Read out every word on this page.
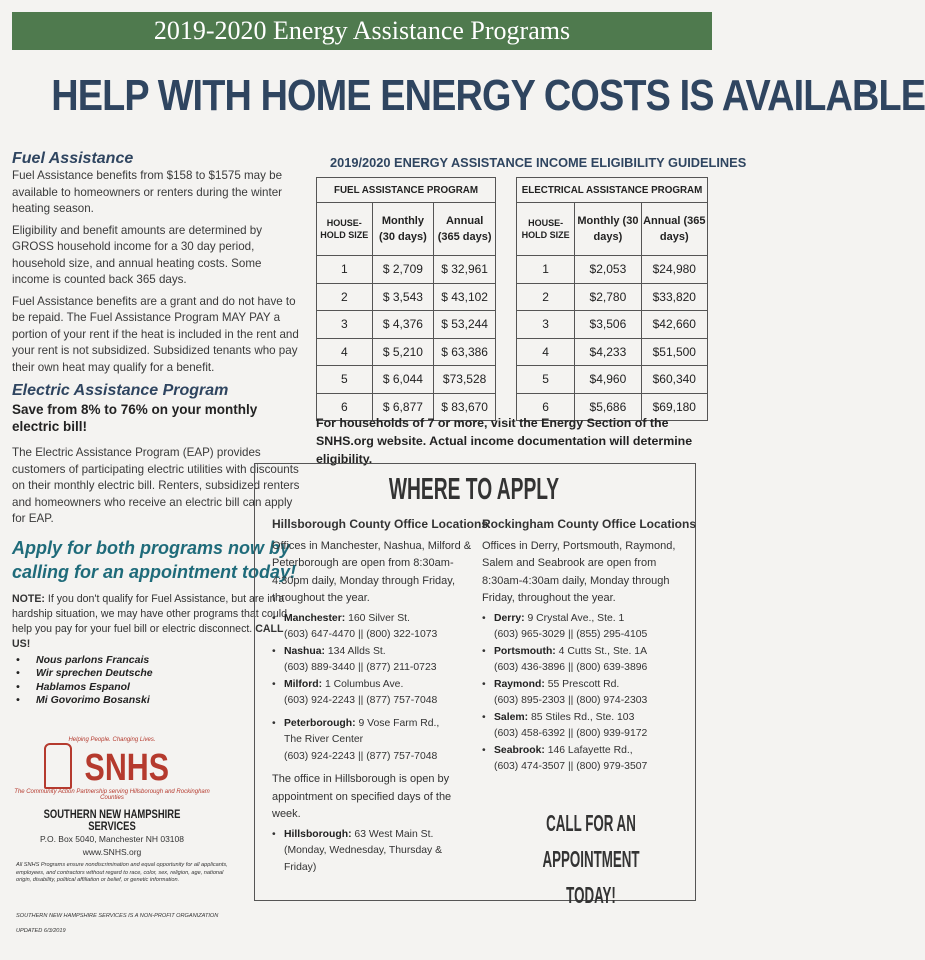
2019-2020 Energy Assistance Programs
HELP WITH HOME ENERGY COSTS IS AVAILABLE

Fuel Assistance

Fuel Assistance benefits from $158 to $1575 may be available to homeowners or renters during the winter heating season.

Eligibility and benefit amounts are determined by GROSS household income for a 30 day period, household size, and annual heating costs. Some income is counted back 365 days.

Fuel Assistance benefits are a grant and do not have to be repaid. The Fuel Assistance Program MAY PAY a portion of your rent if the heat is included in the rent and your rent is not subsidized. Subsidized tenants who pay their own heat may qualify for a benefit.

Electric Assistance Program

Save from 8% to 76% on your monthly electric bill!

The Electric Assistance Program (EAP) provides customers of participating electric utilities with discounts on their monthly electric bill. Renters, subsidized renters and homeowners who receive an electric bill can apply for EAP.

Apply for both programs now by calling for an appointment today!

NOTE: If you don't qualify for Fuel Assistance, but are in a hardship situation, we may have other programs that could help you pay for your fuel bill or electric disconnect. CALL US!

• Nous parlons Francais
• Wir sprechen Deutsche
• Hablamos Espanol
• Mi Govorimo Bosanski
Helping People. Changing Lives.
SNHS
The Community Action Partnership serving Hillsborough and Rockingham Counties
SOUTHERN NEW HAMPSHIRE SERVICES
P.O. Box 5040, Manchester NH 03108
www.SNHS.org
All SNHS Programs ensure nondiscrimination and equal opportunity for all applicants, employees, and contractors without regard to race, color, sex, religion, age, national origin, disability, political affiliation or belief, or genetic information.
SOUTHERN NEW HAMPSHIRE SERVICES IS A NON-PROFIT ORGANIZATION
UPDATED 6/3/2019
2019/2020 ENERGY ASSISTANCE INCOME ELIGIBILITY GUIDELINES
FUEL ASSISTANCE PROGRAM		
HOUSE-HOLD SIZE	Monthly (30 days)	Annual (365 days)
1	$ 2,709	$ 32,961
2	$ 3,543	$ 43,102
3	$ 4,376	$ 53,244
4	$ 5,210	$ 63,386
5	$ 6,044	$73,528
6	$ 6,877	$ 83,670
ELECTRICAL ASSISTANCE PROGRAM		
HOUSE-HOLD SIZE	Monthly (30 days)	Annual (365 days)
1	$2,053	$24,980
2	$2,780	$33,820
3	$3,506	$42,660
4	$4,233	$51,500
5	$4,960	$60,340
6	$5,686	$69,180
For households of 7 or more, visit the Energy Section of the SNHS.org website. Actual income documentation will determine eligibility.
WHERE TO APPLY
Hillsborough County Office Locations
Offices in Manchester, Nashua, Milford & Peterborough are open from 8:30am-4:30pm daily, Monday through Friday, throughout the year.
• Manchester: 160 Silver St.
(603) 647-4470 || (800) 322-1073
• Nashua: 134 Allds St.
(603) 889-3440 || (877) 211-0723
• Milford: 1 Columbus Ave.
(603) 924-2243 || (877) 757-7048
• Peterborough: 9 Vose Farm Rd.,
The River Center
(603) 924-2243 || (877) 757-7048
The office in Hillsborough is open by appointment on specified days of the week.
• Hillsborough: 63 West Main St.
(Monday, Wednesday, Thursday & Friday)
Rockingham County Office Locations
Offices in Derry, Portsmouth, Raymond, Salem and Seabrook are open from 8:30am-4:30am daily, Monday through Friday, throughout the year.
• Derry: 9 Crystal Ave., Ste. 1
(603) 965-3029 || (855) 295-4105
• Portsmouth: 4 Cutts St., Ste. 1A
(603) 436-3896 || (800) 639-3896
• Raymond: 55 Prescott Rd.
(603) 895-2303 || (800) 974-2303
• Salem: 85 Stiles Rd., Ste. 103
(603) 458-6392 || (800) 939-9172
• Seabrook: 146 Lafayette Rd.,
(603) 474-3507 || (800) 979-3507
CALL FOR AN APPOINTMENT TODAY!
